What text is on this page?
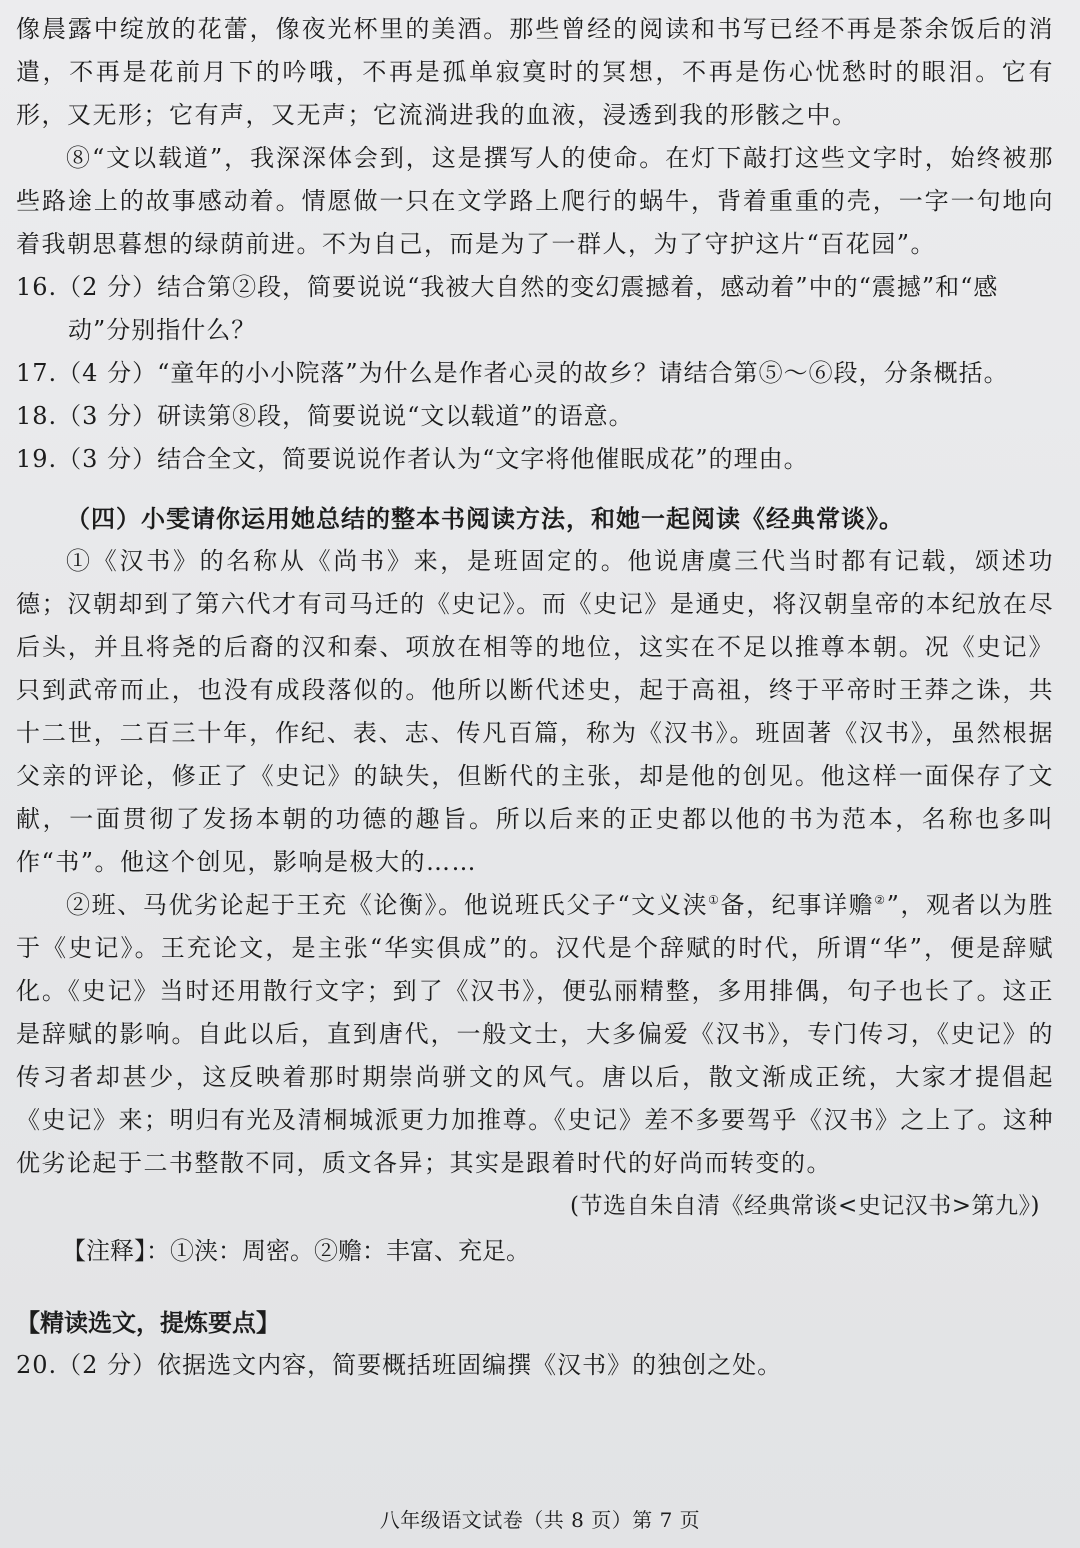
像晨露中绽放的花蕾，像夜光杯里的美酒。那些曾经的阅读和书写已经不再是茶余饭后的消遣，不再是花前月下的吟哦，不再是孤单寂寞时的冥想，不再是伤心忧愁时的眼泪。它有形，又无形；它有声，又无声；它流淌进我的血液，浸透到我的形骸之中。

⑧“文以载道”，我深深体会到，这是撰写人的使命。在灯下敲打这些文字时，始终被那些路途上的故事感动着。情愿做一只在文学路上爬行的蜗牛，背着重重的壳，一字一句地向着我朝思暮想的绿荫前进。不为自己，而是为了一群人，为了守护这片“百花园”。

16.（2 分）结合第②段，简要说说“我被大自然的变幻震撼着，感动着”中的“震撼”和“感
动”分别指什么？

17.（4 分）“童年的小小院落”为什么是作者心灵的故乡？请结合第⑤～⑥段，分条概括。

18.（3 分）研读第⑧段，简要说说“文以载道”的语意。

19.（3 分）结合全文，简要说说作者认为“文字将他催眠成花”的理由。

（四）小雯请你运用她总结的整本书阅读方法，和她一起阅读《经典常谈》。

①《汉书》的名称从《尚书》来，是班固定的。他说唐虞三代当时都有记载，颂述功德；汉朝却到了第六代才有司马迁的《史记》。而《史记》是通史，将汉朝皇帝的本纪放在尽后头，并且将尧的后裔的汉和秦、项放在相等的地位，这实在不足以推尊本朝。况《史记》只到武帝而止，也没有成段落似的。他所以断代述史，起于高祖，终于平帝时王莽之诛，共十二世，二百三十年，作纪、表、志、传凡百篇，称为《汉书》。班固著《汉书》，虽然根据父亲的评论，修正了《史记》的缺失，但断代的主张，却是他的创见。他这样一面保存了文献，一面贯彻了发扬本朝的功德的趣旨。所以后来的正史都以他的书为范本，名称也多叫作“书”。他这个创见，影响是极大的……

②班、马优劣论起于王充《论衡》。他说班氏父子“文义浃①备，纪事详赡②”，观者以为胜于《史记》。王充论文，是主张“华实俱成”的。汉代是个辞赋的时代，所谓“华”，便是辞赋化。《史记》当时还用散行文字；到了《汉书》，便弘丽精整，多用排偶，句子也长了。这正是辞赋的影响。自此以后，直到唐代，一般文士，大多偏爱《汉书》，专门传习，《史记》的传习者却甚少，这反映着那时期崇尚骈文的风气。唐以后，散文渐成正统，大家才提倡起《史记》来；明归有光及清桐城派更力加推尊。《史记》差不多要驾乎《汉书》之上了。这种优劣论起于二书整散不同，质文各异；其实是跟着时代的好尚而转变的。

(节选自朱自清《经典常谈<史记汉书>第九》)

【注释】：①浃：周密。②赡：丰富、充足。

【精读选文，提炼要点】

20.（2 分）依据选文内容，简要概括班固编撰《汉书》的独创之处。

八年级语文试卷（共 8 页）第 7 页
